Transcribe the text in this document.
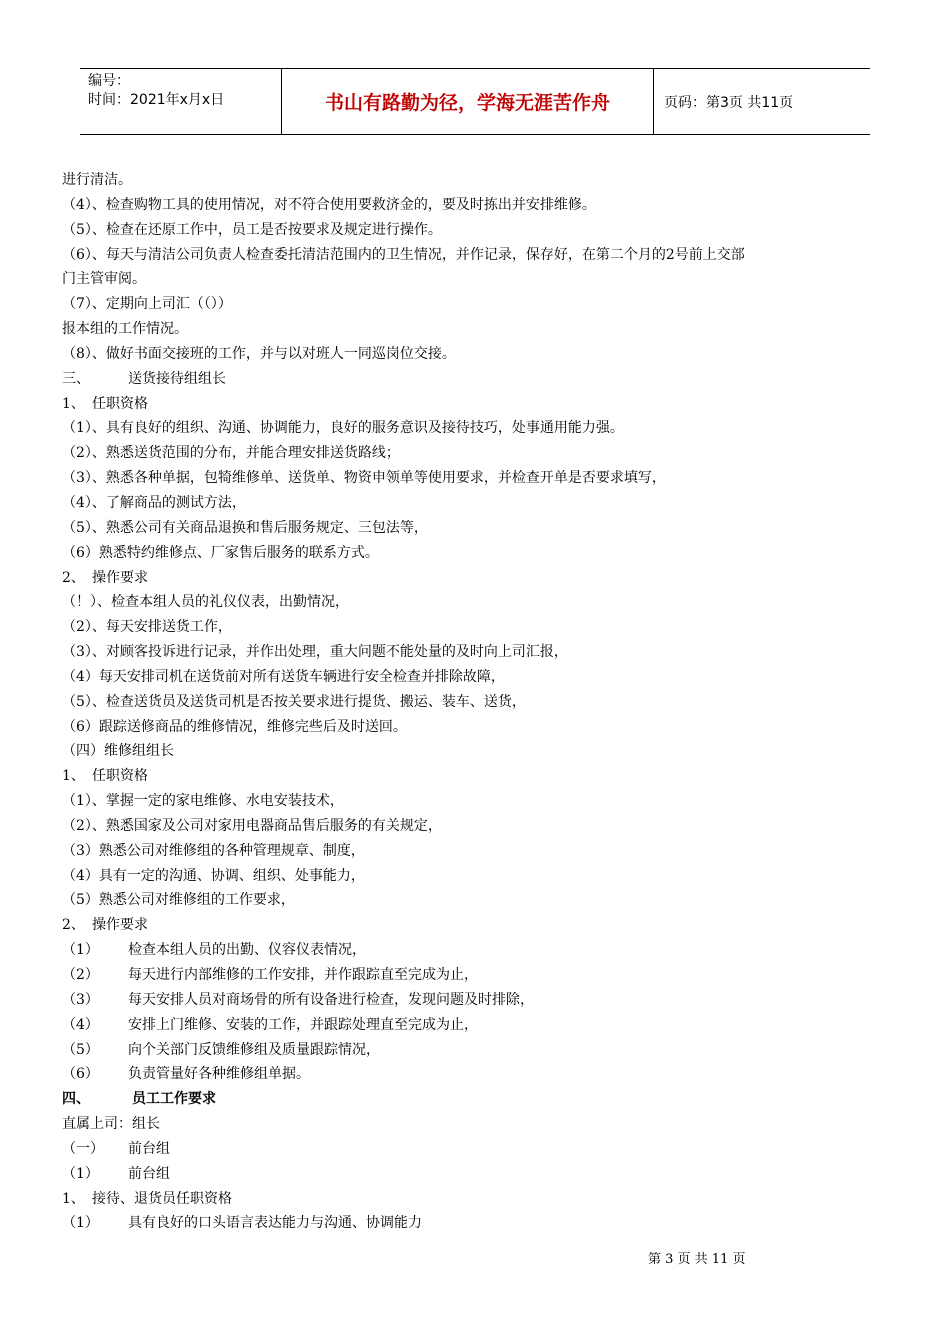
编号：
时间：2021年x月x日	书山有路勤为径，学海无涯苦作舟	页码：第3页 共11页
进行清洁。
（4）、检查购物工具的使用情况，对不符合使用要救济金的，要及时拣出并安排维修。
（5）、检查在还原工作中，员工是否按要求及规定进行操作。
（6）、每天与清洁公司负责人检查委托清洁范围内的卫生情况，并作记录，保存好，在第二个月的2号前上交部
门主管审阅。
（7）、定期向上司汇（（））
报本组的工作情况。
（8）、做好书面交接班的工作，并与以对班人一同巡岗位交接。
三、	送货接待组组长
1、 任职资格
（1）、具有良好的组织、沟通、协调能力，良好的服务意识及接待技巧，处事通用能力强。
（2）、熟悉送货范围的分布，并能合理安排送货路线；
（3）、熟悉各种单据，包犄维修单、送货单、物资申领单等使用要求，并检查开单是否要求填写，
（4）、了解商品的测试方法，
（5）、熟悉公司有关商品退换和售后服务规定、三包法等，
（6）熟悉特约维修点、厂家售后服务的联系方式。
2、 操作要求
（！）、检查本组人员的礼仪仪表，出勤情况，
（2）、每天安排送货工作，
（3）、对顾客投诉进行记录，并作出处理，重大问题不能处量的及时向上司汇报，
（4）每天安排司机在送货前对所有送货车辆进行安全检查并排除故障，
（5）、检查送货员及送货司机是否按关要求进行提货、搬运、装车、送货，
（6）跟踪送修商品的维修情况，维修完些后及时送回。
（四）维修组组长
1、 任职资格
（1）、掌握一定的家电维修、水电安装技术，
（2）、熟悉国家及公司对家用电器商品售后服务的有关规定，
（3）熟悉公司对维修组的各种管理规章、制度，
（4）具有一定的沟通、协调、组织、处事能力，
（5）熟悉公司对维修组的工作要求，
2、 操作要求
（1） 检查本组人员的出勤、仪容仪表情况，
（2） 每天进行内部维修的工作安排，并作跟踪直至完成为止，
（3） 每天安排人员对商场骨的所有设备进行检查，发现问题及时排除，
（4） 安排上门维修、安装的工作，并跟踪处理直至完成为止，
（5） 向个关部门反馈维修组及质量跟踪情况，
（6） 负责管量好各种维修组单据。
四、	员工工作要求
直属上司：组长
（一） 前台组
（1） 前台组
1、 接待、退货员任职资格
（1） 具有良好的口头语言表达能力与沟通、协调能力
第 3 页 共 11 页
